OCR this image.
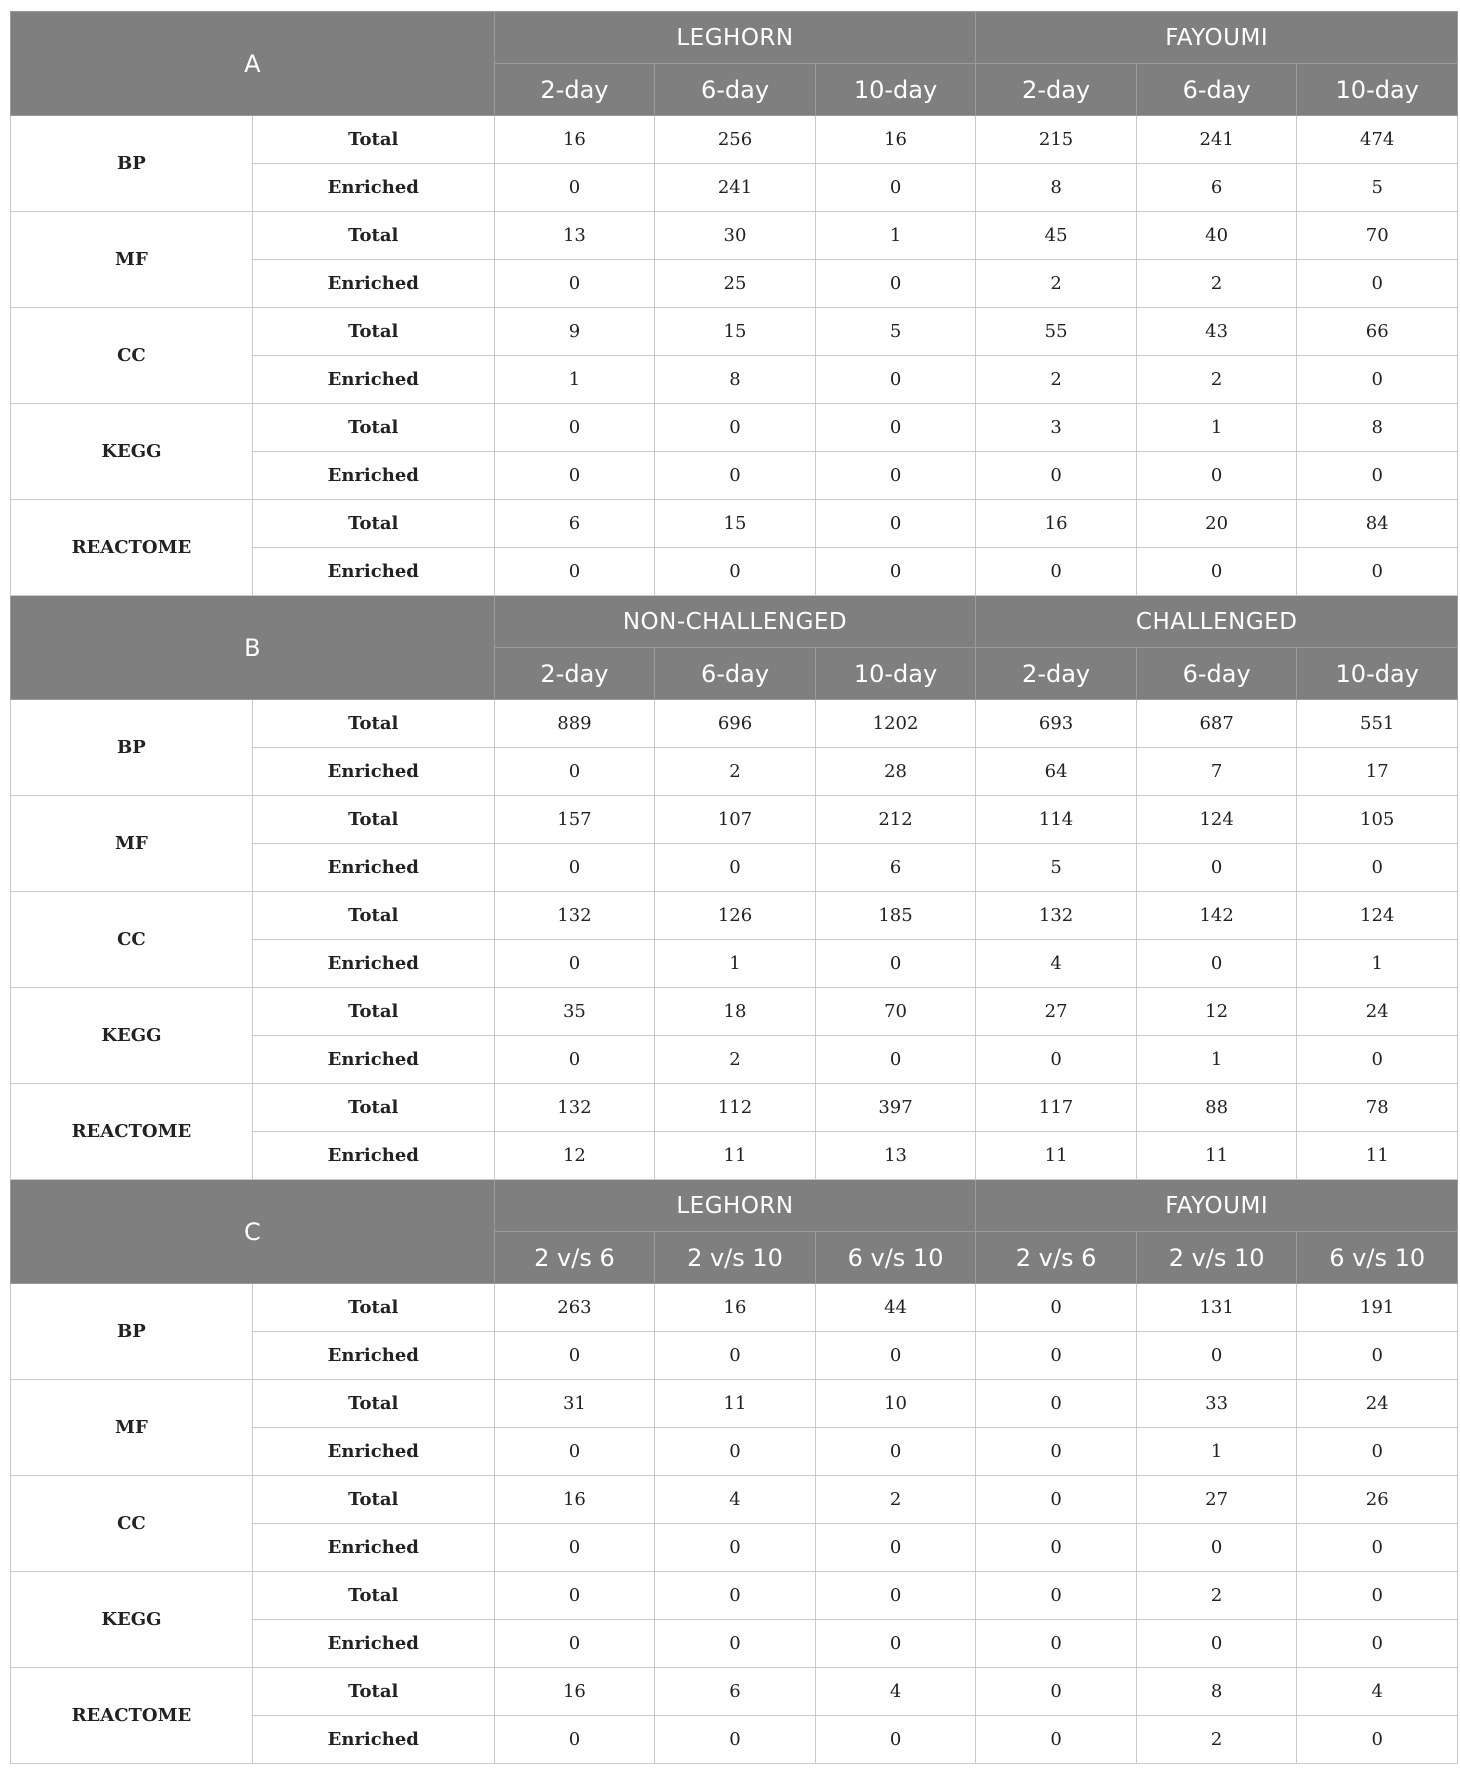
A		LEGHORN			FAYOUMI		
		2-day	6-day	10-day	2-day	6-day	10-day
BP	Total	16	256	16	215	241	474
	Enriched	0	241	0	8	6	5
MF	Total	13	30	1	45	40	70
	Enriched	0	25	0	2	2	0
CC	Total	9	15	5	55	43	66
	Enriched	1	8	0	2	2	0
KEGG	Total	0	0	0	3	1	8
	Enriched	0	0	0	0	0	0
REACTOME	Total	6	15	0	16	20	84
	Enriched	0	0	0	0	0	0
B		NON-CHALLENGED			CHALLENGED		
		2-day	6-day	10-day	2-day	6-day	10-day
BP	Total	889	696	1202	693	687	551
	Enriched	0	2	28	64	7	17
MF	Total	157	107	212	114	124	105
	Enriched	0	0	6	5	0	0
CC	Total	132	126	185	132	142	124
	Enriched	0	1	0	4	0	1
KEGG	Total	35	18	70	27	12	24
	Enriched	0	2	0	0	1	0
REACTOME	Total	132	112	397	117	88	78
	Enriched	12	11	13	11	11	11
C		LEGHORN			FAYOUMI		
		2 v/s 6	2 v/s 10	6 v/s 10	2 v/s 6	2 v/s 10	6 v/s 10
BP	Total	263	16	44	0	131	191
	Enriched	0	0	0	0	0	0
MF	Total	31	11	10	0	33	24
	Enriched	0	0	0	0	1	0
CC	Total	16	4	2	0	27	26
	Enriched	0	0	0	0	0	0
KEGG	Total	0	0	0	0	2	0
	Enriched	0	0	0	0	0	0
REACTOME	Total	16	6	4	0	8	4
	Enriched	0	0	0	0	2	0
